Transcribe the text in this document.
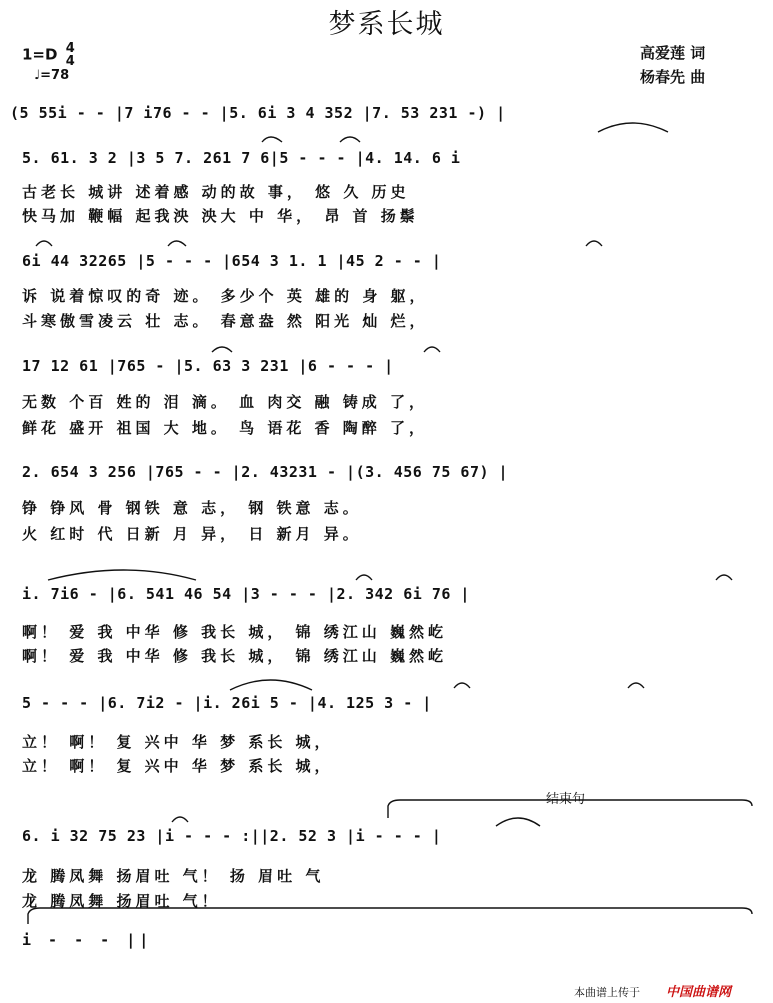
梦系长城
1=D 4
4
♩=78
高爱莲 词
杨春先 曲
(5 55i - - |7 i76 - - |5. 6i 3 4 352 |7. 53 231 -) |
5. 61. 3 2 |3 5 7. 261 7 6|5 - - - |4. 14. 6 i
古老长 城讲 述着感 动的故 事， 悠 久 历史
快马加 鞭幅 起我泱 泱大 中 华， 昂 首 扬鬃
6i 44 32265 |5 - - - |654 3 1. 1 |45 2 - - |
诉 说着惊叹的奇 迹。 多少个 英 雄的 身 躯，
斗寒傲雪凌云 壮 志。 春意盎 然 阳光 灿 烂，
17 12 61 |765 - |5. 63 3 231 |6 - - - |
无数 个百 姓的 泪 滴。 血 肉交 融 铸成 了，
鲜花 盛开 祖国 大 地。 鸟 语花 香 陶醉 了，
2. 654 3 256 |765 - - |2. 43231 - |(3. 456 75 67) |
铮 铮风 骨 钢铁 意 志， 钢 铁意 志。
火 红时 代 日新 月 异， 日 新月 异。
i. 7i6 - |6. 541 46 54 |3 - - - |2. 342 6i 76 |
啊！ 爱 我 中华 修 我长 城， 锦 绣江山 巍然屹
啊！ 爱 我 中华 修 我长 城， 锦 绣江山 巍然屹
5 - - - |6. 7i2 - |i. 26i 5 - |4. 125 3 - |
立！ 啊！ 复 兴中 华 梦 系长 城，
立！ 啊！ 复 兴中 华 梦 系长 城，
结束句
6. i 32 75 23 |i - - - :||2. 52 3 |i - - - |
龙 腾凤舞 扬眉吐 气！ 扬 眉吐 气
龙 腾凤舞 扬眉吐 气！
i - - - ||
本曲谱上传于 中国曲谱网
